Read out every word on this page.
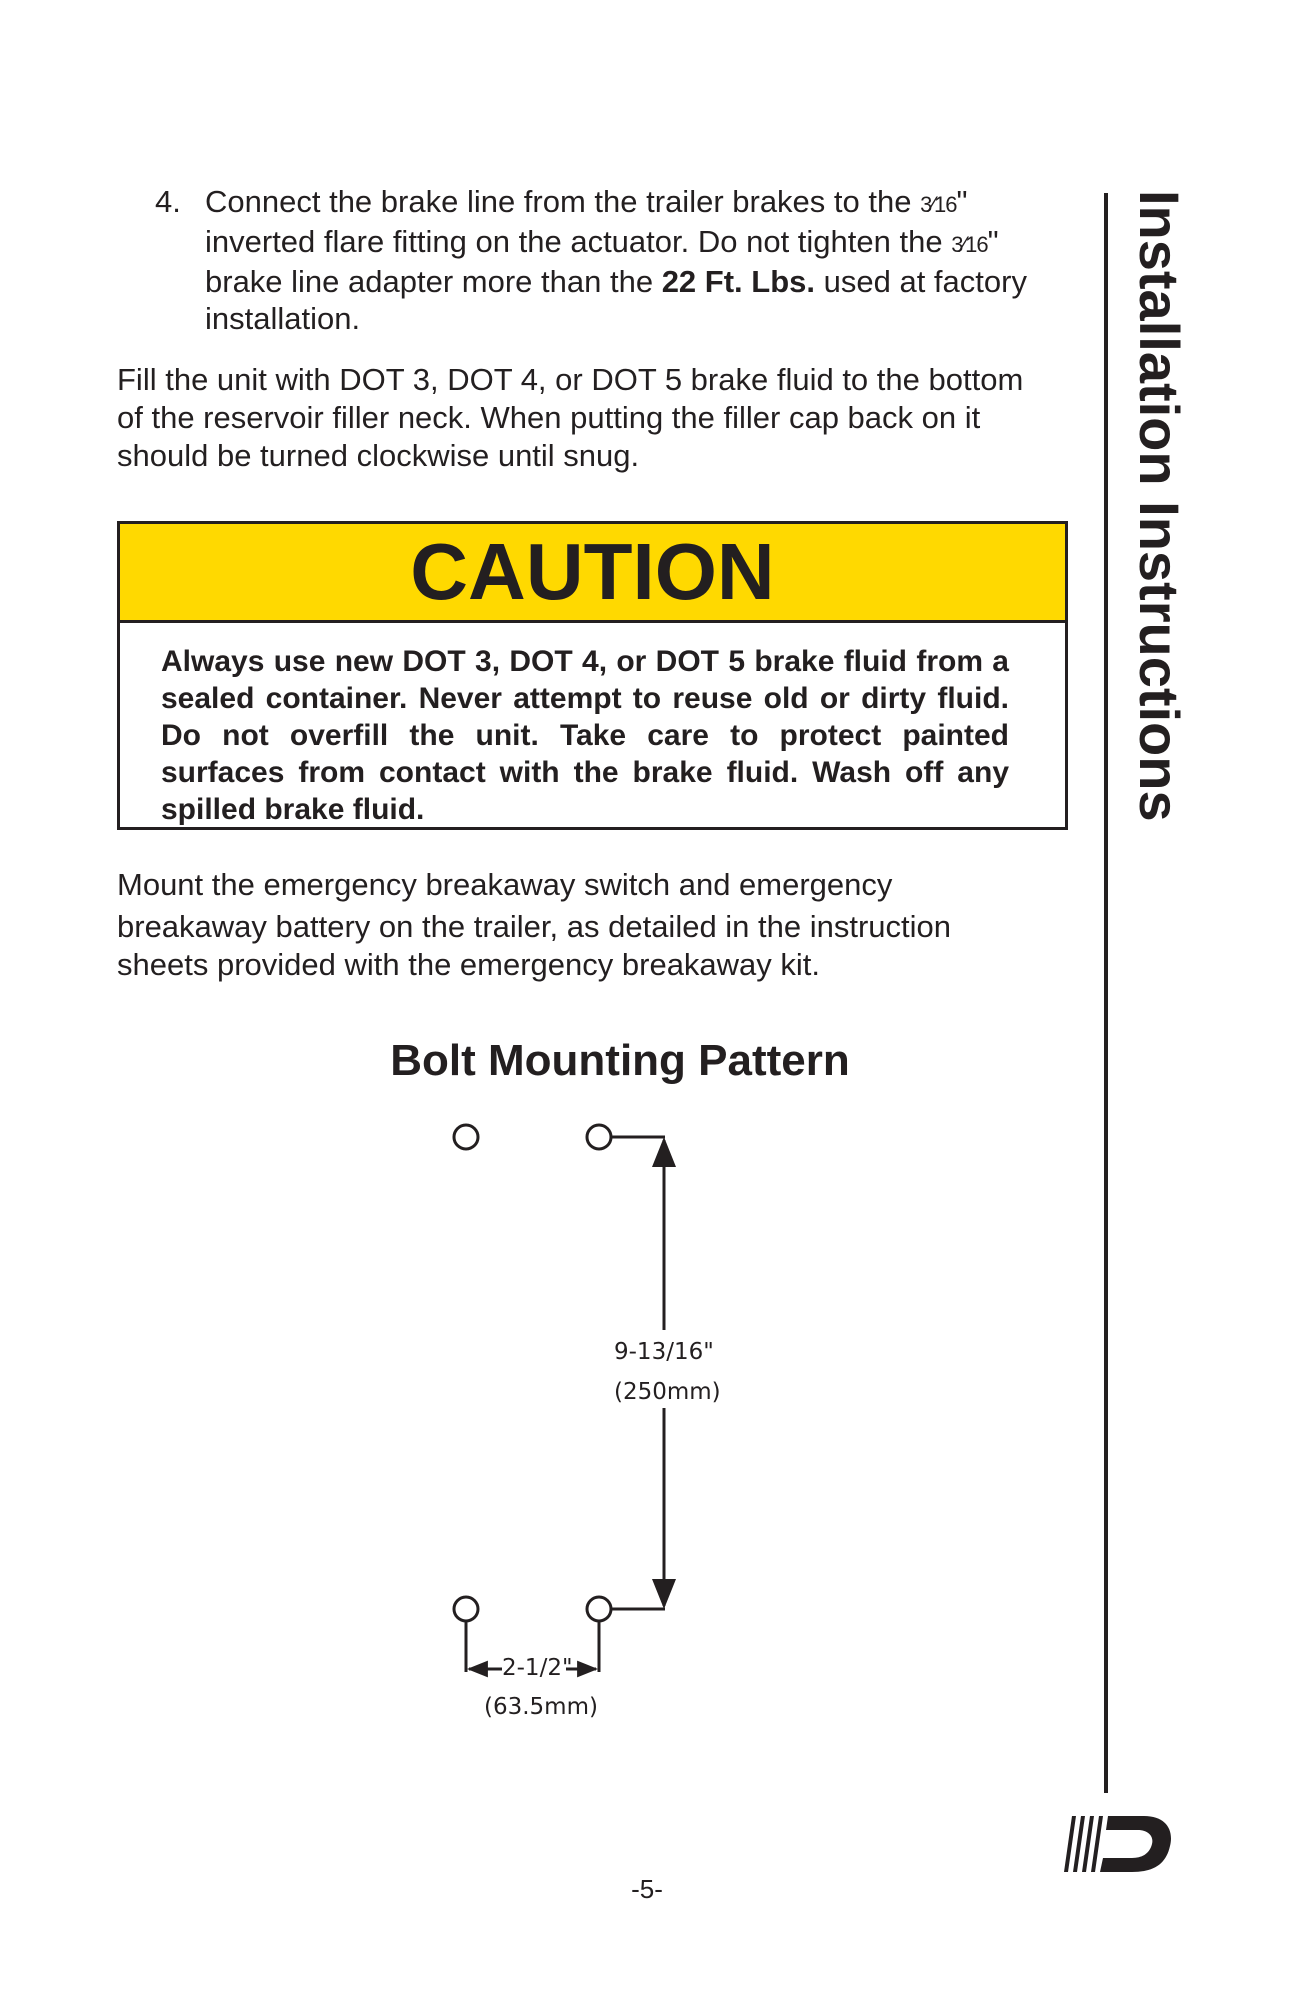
4. Connect the brake line from the trailer brakes to the 3⁄16"
inverted flare fitting on the actuator. Do not tighten the 3⁄16"
brake line adapter more than the 22 Ft. Lbs. used at factory
installation.
Fill the unit with DOT 3, DOT 4, or DOT 5 brake fluid to the bottom
of the reservoir filler neck. When putting the filler cap back on it
should be turned clockwise until snug.
CAUTION
Always use new DOT 3, DOT 4, or DOT 5 brake fluid from a sealed container. Never attempt to reuse old or dirty fluid. Do not overfill the unit. Take care to protect painted surfaces from contact with the brake fluid. Wash off any spilled brake fluid.
Mount the emergency breakaway switch and emergency
breakaway battery on the trailer, as detailed in the instruction
sheets provided with the emergency breakaway kit.
Bolt Mounting Pattern
9-13/16"
(250mm)
2-1/2"
(63.5mm)
Installation Instructions
-5-
